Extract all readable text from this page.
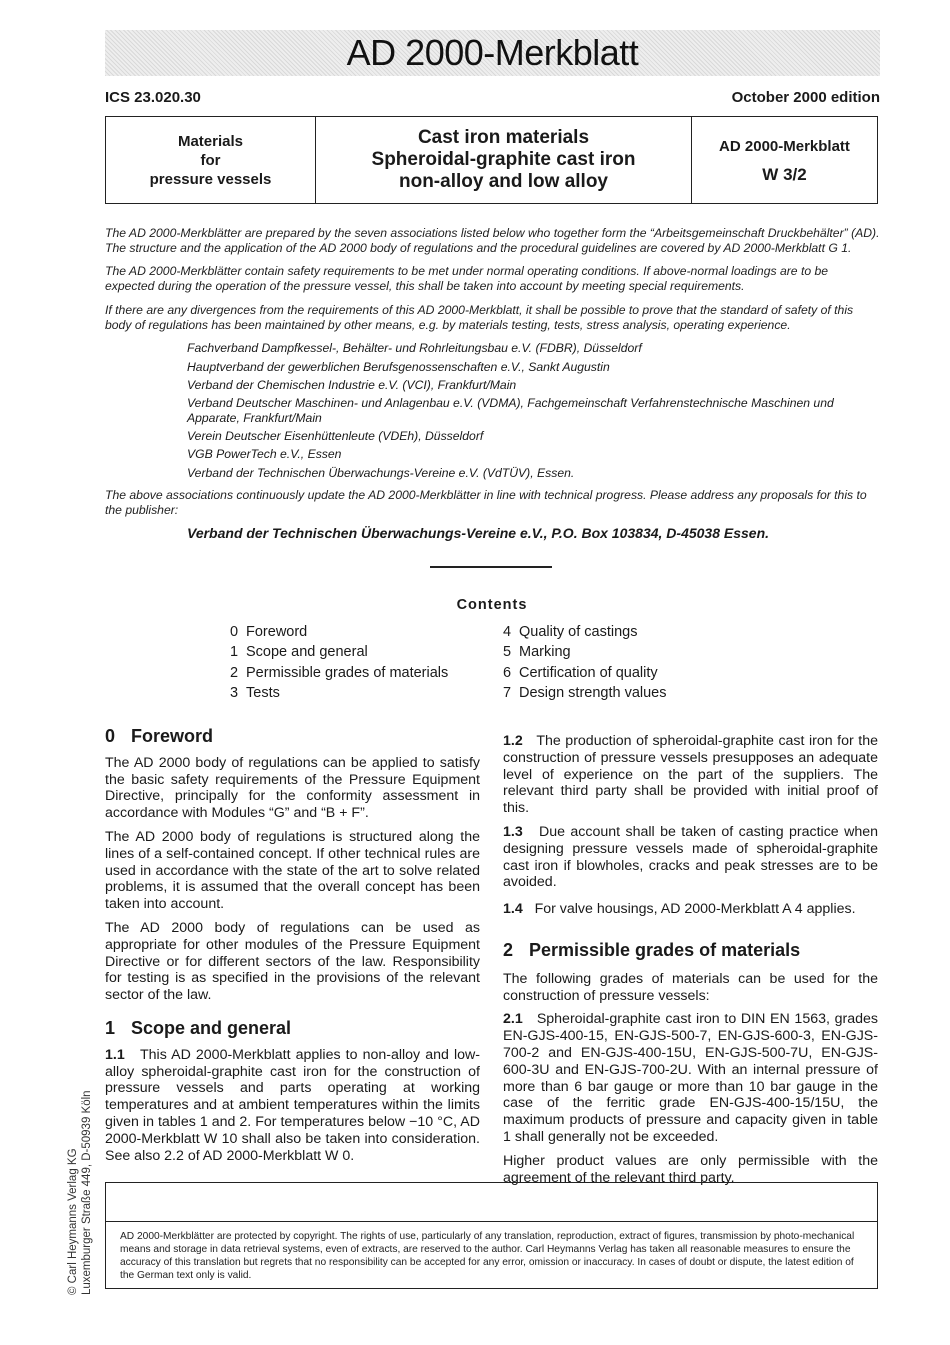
AD 2000-Merkblatt
ICS 23.020.30	October 2000 edition
Materials
for
pressure vessels
Cast iron materials
Spheroidal-graphite cast iron
non-alloy and low alloy
AD 2000-Merkblatt
W 3/2
The AD 2000-Merkblätter are prepared by the seven associations listed below who together form the “Arbeitsgemeinschaft Druckbehälter” (AD). The structure and the application of the AD 2000 body of regulations and the procedural guidelines are covered by AD 2000-Merkblatt G 1.
The AD 2000-Merkblätter contain safety requirements to be met under normal operating conditions. If above-normal loadings are to be expected during the operation of the pressure vessel, this shall be taken into account by meeting special requirements.
If there are any divergences from the requirements of this AD 2000-Merkblatt, it shall be possible to prove that the standard of safety of this body of regulations has been maintained by other means, e.g. by materials testing, tests, stress analysis, operating experience.
Fachverband Dampfkessel-, Behälter- und Rohrleitungsbau e.V. (FDBR), Düsseldorf
Hauptverband der gewerblichen Berufsgenossenschaften e.V., Sankt Augustin
Verband der Chemischen Industrie e.V. (VCI), Frankfurt/Main
Verband Deutscher Maschinen- und Anlagenbau e.V. (VDMA), Fachgemeinschaft Verfahrenstechnische Maschinen und Apparate, Frankfurt/Main
Verein Deutscher Eisenhüttenleute (VDEh), Düsseldorf
VGB PowerTech e.V., Essen
Verband der Technischen Überwachungs-Vereine e.V. (VdTÜV), Essen.
The above associations continuously update the AD 2000-Merkblätter in line with technical progress. Please address any proposals for this to the publisher:
Verband der Technischen Überwachungs-Vereine e.V., P.O. Box 103834, D-45038 Essen.
Contents
0 Foreword
1 Scope and general
2 Permissible grades of materials
3 Tests
4 Quality of castings
5 Marking
6 Certification of quality
7 Design strength values
0 Foreword

The AD 2000 body of regulations can be applied to satisfy the basic safety requirements of the Pressure Equipment Directive, principally for the conformity assessment in accordance with Modules “G” and “B + F”.

The AD 2000 body of regulations is structured along the lines of a self-contained concept. If other technical rules are used in accordance with the state of the art to solve related problems, it is assumed that the overall concept has been taken into account.

The AD 2000 body of regulations can be used as appropriate for other modules of the Pressure Equipment Directive or for different sectors of the law. Responsibility for testing is as specified in the provisions of the relevant sector of the law.

1 Scope and general

1.1 This AD 2000-Merkblatt applies to non-alloy and low-alloy spheroidal-graphite cast iron for the construction of pressure vessels and parts operating at working temperatures and at ambient temperatures within the limits given in tables 1 and 2. For temperatures below −10 °C, AD 2000-Merkblatt W 10 shall also be taken into consideration. See also 2.2 of AD 2000-Merkblatt W 0.

1.2 The production of spheroidal-graphite cast iron for the construction of pressure vessels presupposes an adequate level of experience on the part of the suppliers. The relevant third party shall be provided with initial proof of this.

1.3 Due account shall be taken of casting practice when designing pressure vessels made of spheroidal-graphite cast iron if blowholes, cracks and peak stresses are to be avoided.

1.4 For valve housings, AD 2000-Merkblatt A 4 applies.

2 Permissible grades of materials

The following grades of materials can be used for the construction of pressure vessels:

2.1 Spheroidal-graphite cast iron to DIN EN 1563, grades EN-GJS-400-15, EN-GJS-500-7, EN-GJS-600-3, EN-GJS-700-2 and EN-GJS-400-15U, EN-GJS-500-7U, EN-GJS-600-3U and EN-GJS-700-2U. With an internal pressure of more than 6 bar gauge or more than 10 bar gauge in the case of the ferritic grade EN-GJS-400-15/15U, the maximum products of pressure and capacity given in table 1 shall generally not be exceeded.

Higher product values are only permissible with the agreement of the relevant third party.

AD 2000-Merkblätter are protected by copyright. The rights of use, particularly of any translation, reproduction, extract of figures, transmission by photo-mechanical means and storage in data retrieval systems, even of extracts, are reserved to the author. Carl Heymanns Verlag has taken all reasonable measures to ensure the accuracy of this translation but regrets that no responsibility can be accepted for any error, omission or inaccuracy. In cases of doubt or dispute, the latest edition of the German text only is valid.
© Carl Heymanns Verlag KG Luxemburger Straße 449, D-50939 Köln
